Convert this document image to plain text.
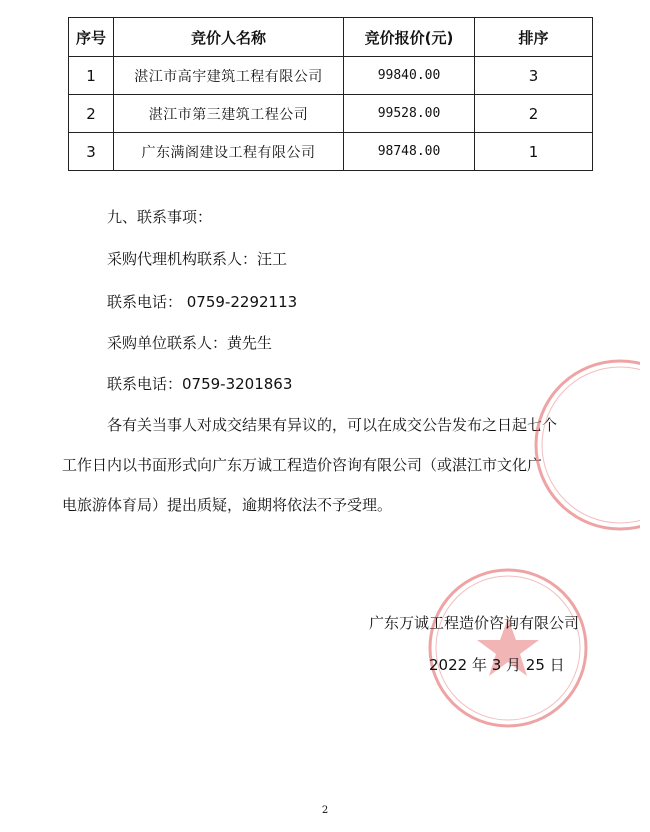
序号	竞价人名称	竞价报价(元)	排序
1	湛江市高宇建筑工程有限公司	99840.00	3
2	湛江市第三建筑工程公司	99528.00	2
3	广东满阁建设工程有限公司	98748.00	1
九、联系事项：
采购代理机构联系人：汪工
联系电话： 0759-2292113
采购单位联系人：黄先生
联系电话：0759-3201863
各有关当事人对成交结果有异议的，可以在成交公告发布之日起七个
工作日内以书面形式向广东万诚工程造价咨询有限公司（或湛江市文化广
电旅游体育局）提出质疑，逾期将依法不予受理。
广东万诚工程造价咨询有限公司
2022 年 3 月 25 日
2
